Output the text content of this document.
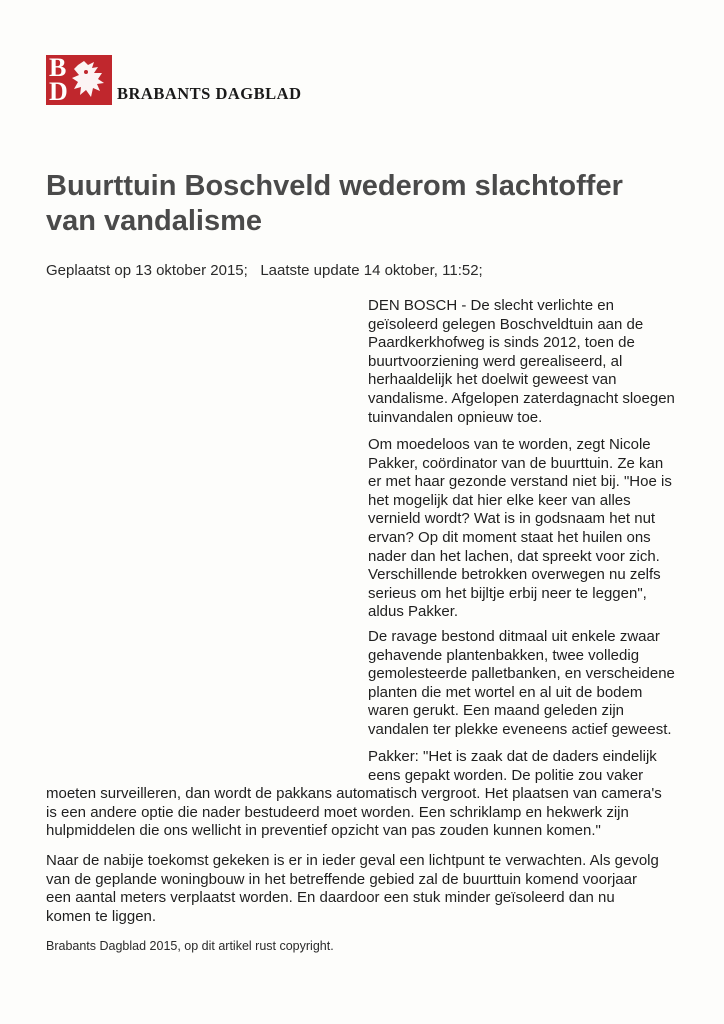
B
D	BRABANTS DAGBLAD
Buurttuin Boschveld wederom slachtoffer
van vandalisme
Geplaatst op 13 oktober 2015;   Laatste update 14 oktober, 11:52;
DEN BOSCH - De slecht verlichte en
geïsoleerd gelegen Boschveldtuin aan de
Paardkerkhofweg is sinds 2012, toen de
buurtvoorziening werd gerealiseerd, al
herhaaldelijk het doelwit geweest van
vandalisme. Afgelopen zaterdagnacht sloegen
tuinvandalen opnieuw toe.
Om moedeloos van te worden, zegt Nicole
Pakker, coördinator van de buurttuin. Ze kan
er met haar gezonde verstand niet bij. "Hoe is
het mogelijk dat hier elke keer van alles
vernield wordt? Wat is in godsnaam het nut
ervan? Op dit moment staat het huilen ons
nader dan het lachen, dat spreekt voor zich.
Verschillende betrokken overwegen nu zelfs
serieus om het bijltje erbij neer te leggen",
aldus Pakker.
De ravage bestond ditmaal uit enkele zwaar
gehavende plantenbakken, twee volledig
gemolesteerde palletbanken, en verscheidene
planten die met wortel en al uit de bodem
waren gerukt. Een maand geleden zijn
vandalen ter plekke eveneens actief geweest.
Pakker: "Het is zaak dat de daders eindelijk
eens gepakt worden. De politie zou vaker
moeten surveilleren, dan wordt de pakkans automatisch vergroot. Het plaatsen van camera's
is een andere optie die nader bestudeerd moet worden. Een schriklamp en hekwerk zijn
hulpmiddelen die ons wellicht in preventief opzicht van pas zouden kunnen komen."
Naar de nabije toekomst gekeken is er in ieder geval een lichtpunt te verwachten. Als gevolg
van de geplande woningbouw in het betreffende gebied zal de buurttuin komend voorjaar
een aantal meters verplaatst worden. En daardoor een stuk minder geïsoleerd dan nu
komen te liggen.
Brabants Dagblad 2015, op dit artikel rust copyright.
